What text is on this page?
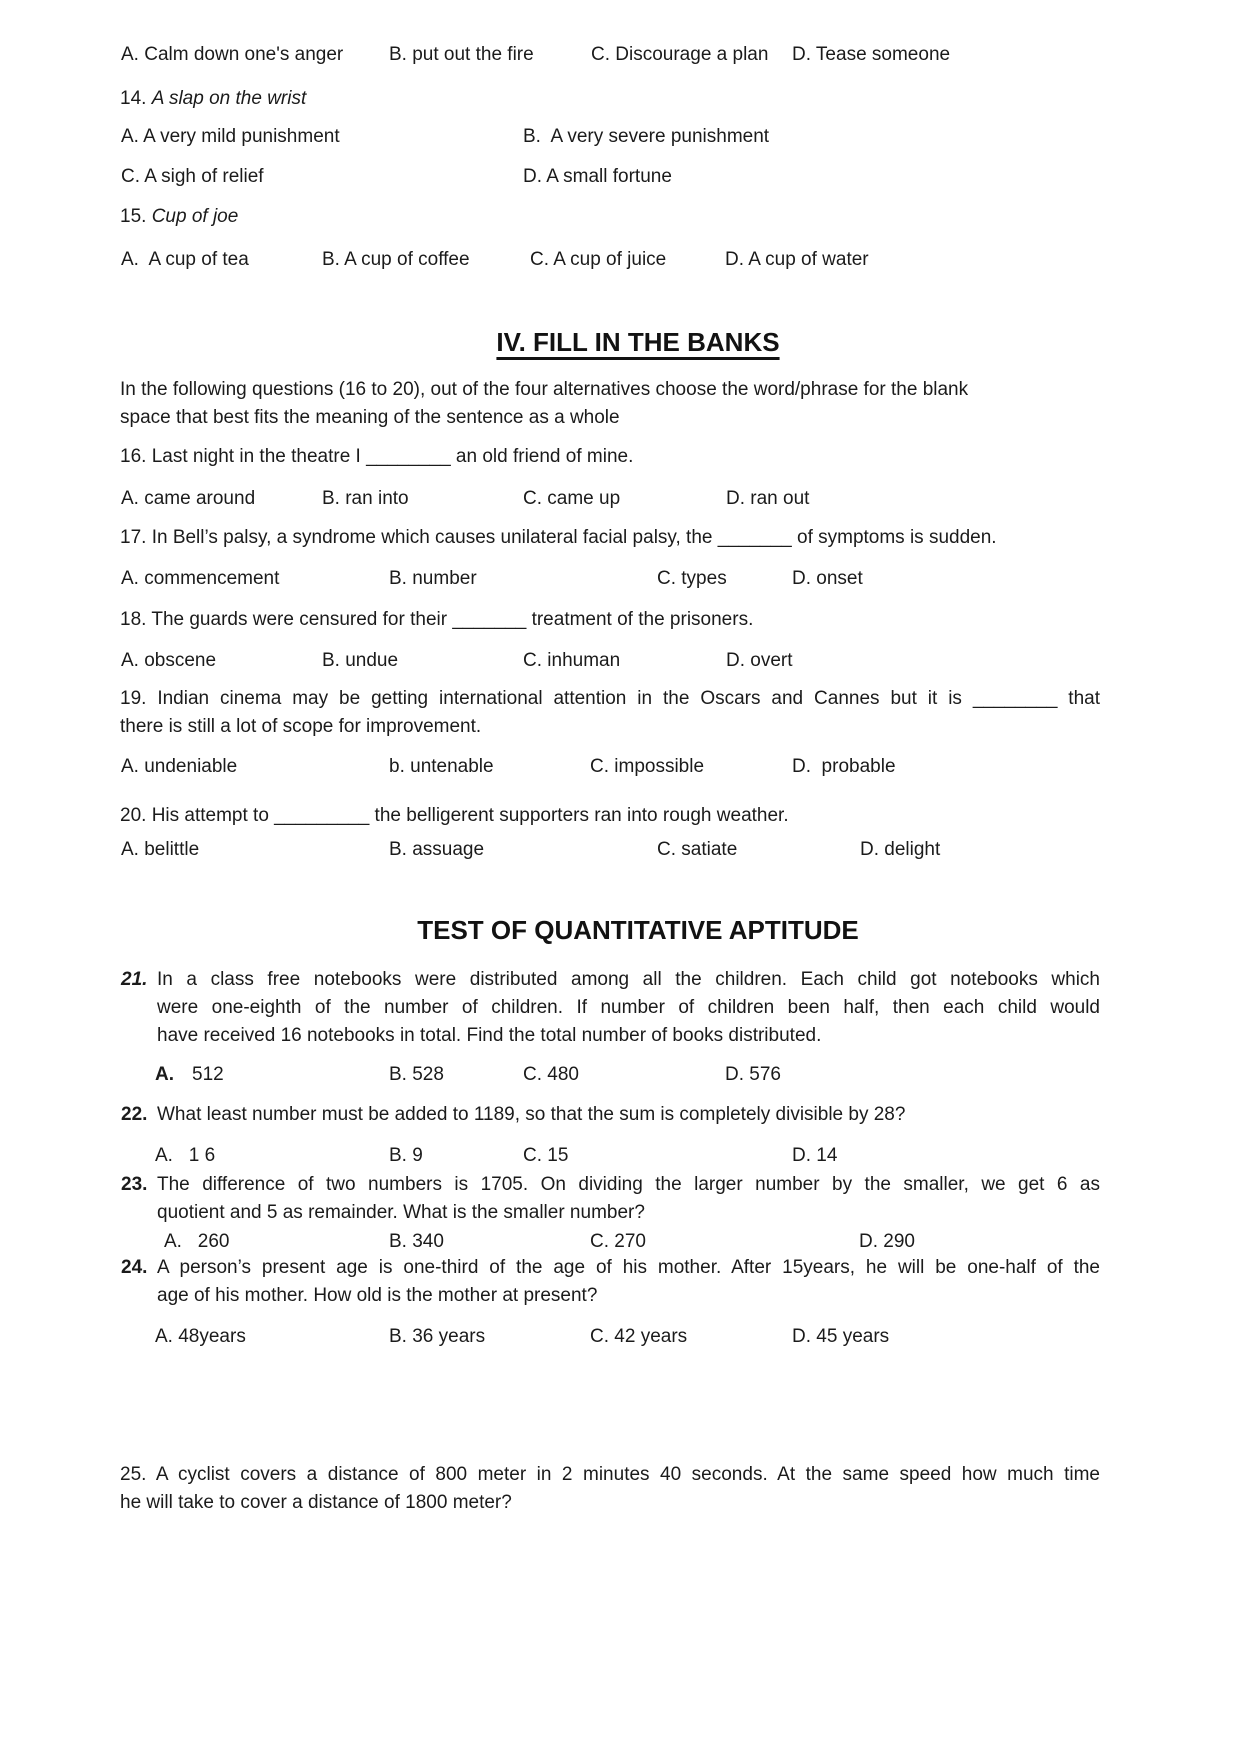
A. Calm down one's anger B. put out the fire	C. Discourage a plan D. Tease someone
14. A slap on the wrist
A. A very mild punishment	B.  A very severe punishment
C. A sigh of relief	D. A small fortune
15. Cup of joe
A.  A cup of tea	B. A cup of coffee	C. A cup of juice	D. A cup of water
IV. FILL IN THE BANKS
In the following questions (16 to 20), out of the four alternatives choose the word/phrase for the blank
space that best fits the meaning of the sentence as a whole
16. Last night in the theatre I ________ an old friend of mine.
A. came around	B. ran into	C. came up	D. ran out
17. In Bell’s palsy, a syndrome which causes unilateral facial palsy, the _______ of symptoms is sudden.
A. commencement	B. number	C. types	D. onset
18. The guards were censured for their _______ treatment of the prisoners.
A. obscene	B. undue	C. inhuman	D. overt
19. Indian cinema may be getting international attention in the Oscars and Cannes but it is ________ that
there is still a lot of scope for improvement.
A. undeniable	b. untenable	C. impossible	D.  probable
20. His attempt to _________ the belligerent supporters ran into rough weather.
A. belittle	B. assuage	C. satiate	D. delight
TEST OF QUANTITATIVE APTITUDE
21. In a class free notebooks were distributed among all the children. Each child got notebooks which
were one-eighth of the number of children. If number of children been half, then each child would
have received 16 notebooks in total. Find the total number of books distributed.
A. 512	B. 528	C. 480	D. 576
22. What least number must be added to 1189, so that the sum is completely divisible by 28?
A.   1 6	B. 9	C. 15	D. 14
23. The difference of two numbers is 1705. On dividing the larger number by the smaller, we get 6 as
quotient and 5 as remainder. What is the smaller number?
A.   260	B. 340	C. 270	D. 290
24. A person’s present age is one-third of the age of his mother. After 15years, he will be one-half of the
age of his mother. How old is the mother at present?
A. 48years	B. 36 years	C. 42 years	D. 45 years
25. A cyclist covers a distance of 800 meter in 2 minutes 40 seconds. At the same speed how much time
he will take to cover a distance of 1800 meter?
